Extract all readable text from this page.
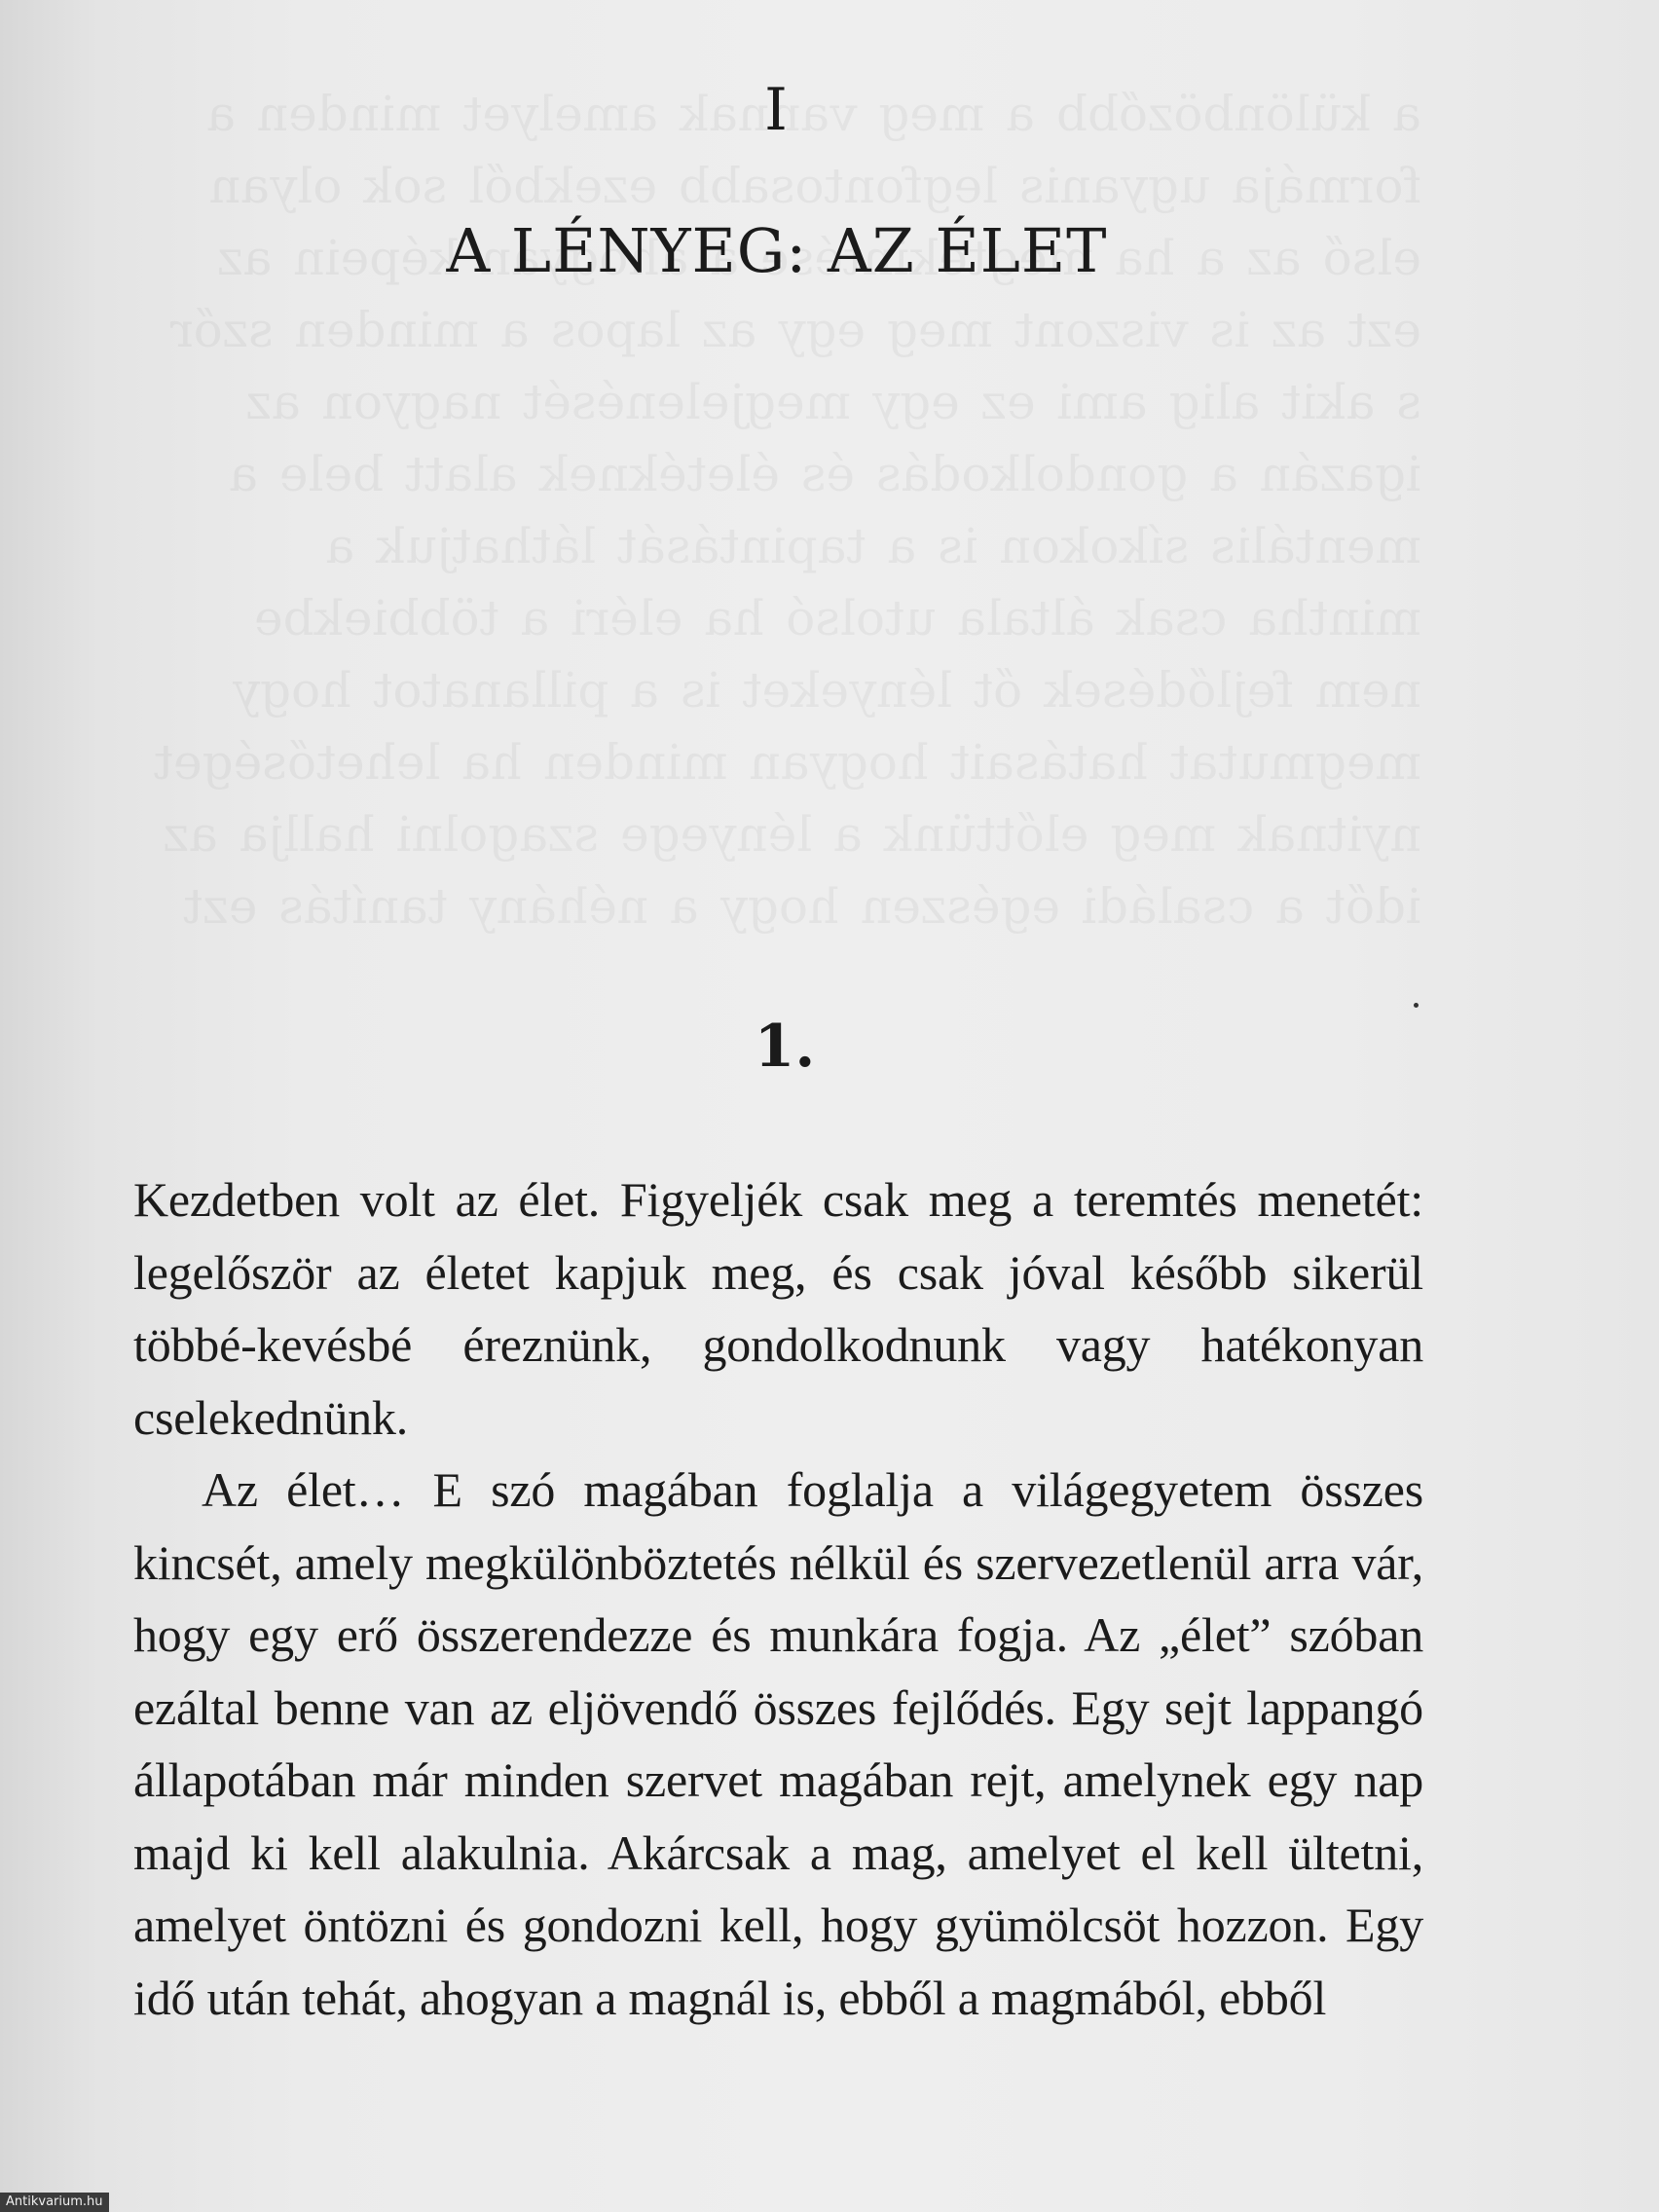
I
A LÉNYEG: AZ ÉLET
1.

Kezdetben volt az élet. Figyeljék csak meg a teremtés menetét: legelőször az életet kapjuk meg, és csak jóval később sikerül többé-kevésbé éreznünk, gondolkodnunk vagy hatékonyan cselekednünk.

Az élet… E szó magában foglalja a világegyetem összes kincsét, amely megkülönböztetés nélkül és szervezetlenül arra vár, hogy egy erő összerendezze és munkára fogja. Az „élet” szóban ezáltal benne van az eljövendő összes fejlődés. Egy sejt lappangó állapotában már minden szervet magában rejt, amelynek egy nap majd ki kell alakulnia. Akárcsak a mag, amelyet el kell ültetni, amelyet öntözni és gondozni kell, hogy gyümölcsöt hozzon. Egy idő után tehát, ahogyan a magnál is, ebből a magmából, ebből

Antikvarium.hu
